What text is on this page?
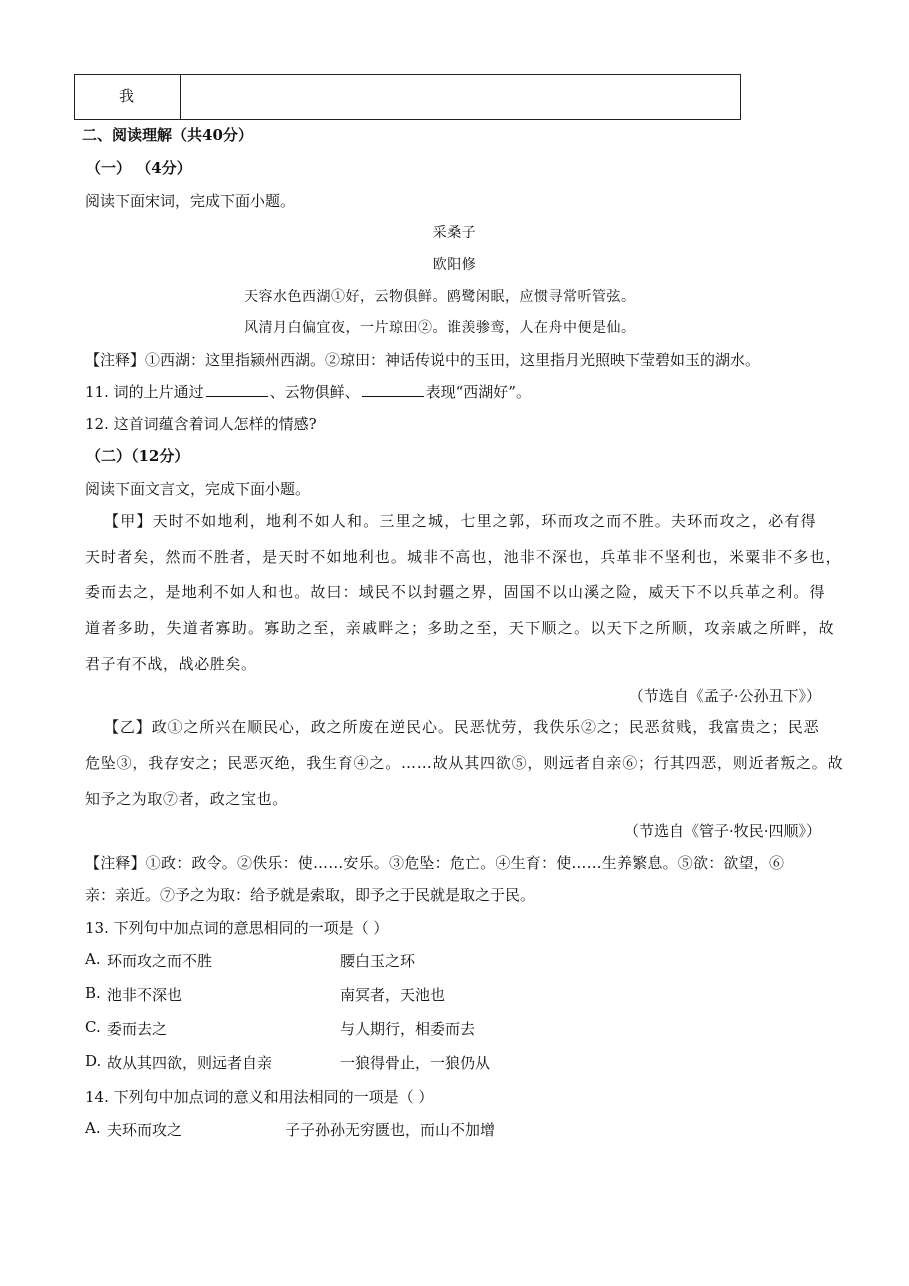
我
二、阅读理解（共40分）
（一） （4分）
阅读下面宋词，完成下面小题。
采桑子
欧阳修
天容水色西湖①好，云物俱鲜。鸥鹭闲眠，应惯寻常听管弦。
风清月白偏宜夜，一片琼田②。谁羡骖鸾，人在舟中便是仙。
【注释】①西湖：这里指颍州西湖。②琼田：神话传说中的玉田，这里指月光照映下莹碧如玉的湖水。
11. 词的上片通过	、云物俱鲜、	表现“西湖好”。
12. 这首词蕴含着词人怎样的情感?
（二）（12分）
阅读下面文言文，完成下面小题。
【甲】天时不如地利，地利不如人和。三里之城，七里之郭，环而攻之而不胜。夫环而攻之，必有得
天时者矣，然而不胜者，是天时不如地利也。城非不高也，池非不深也，兵革非不坚利也，米粟非不多也，
委而去之，是地利不如人和也。故曰：域民不以封疆之界，固国不以山溪之险，威天下不以兵革之利。得
道者多助，失道者寡助。寡助之至，亲戚畔之；多助之至，天下顺之。以天下之所顺，攻亲戚之所畔，故
君子有不战，战必胜矣。
（节选自《孟子·公孙丑下》）
【乙】政①之所兴在顺民心，政之所废在逆民心。民恶忧劳，我佚乐②之；民恶贫贱，我富贵之；民恶
危坠③，我存安之；民恶灭绝，我生育④之。……故从其四欲⑤，则远者自亲⑥；行其四恶，则近者叛之。故
知予之为取⑦者，政之宝也。
（节选自《管子·牧民·四顺》）
【注释】①政：政令。②佚乐：使……安乐。③危坠：危亡。④生育：使……生养繁息。⑤欲：欲望，⑥
亲：亲近。⑦予之为取：给予就是索取，即予之于民就是取之于民。
13. 下列句中加点词的意思相同的一项是（ ）
A. 环而攻之而不胜	腰白玉之环
B. 池非不深也	南冥者，天池也
C. 委而去之	与人期行，相委而去
D. 故从其四欲，则远者自亲	一狼得骨止，一狼仍从
14. 下列句中加点词的意义和用法相同的一项是（ ）
A. 夫环而攻之	子子孙孙无穷匮也，而山不加增
